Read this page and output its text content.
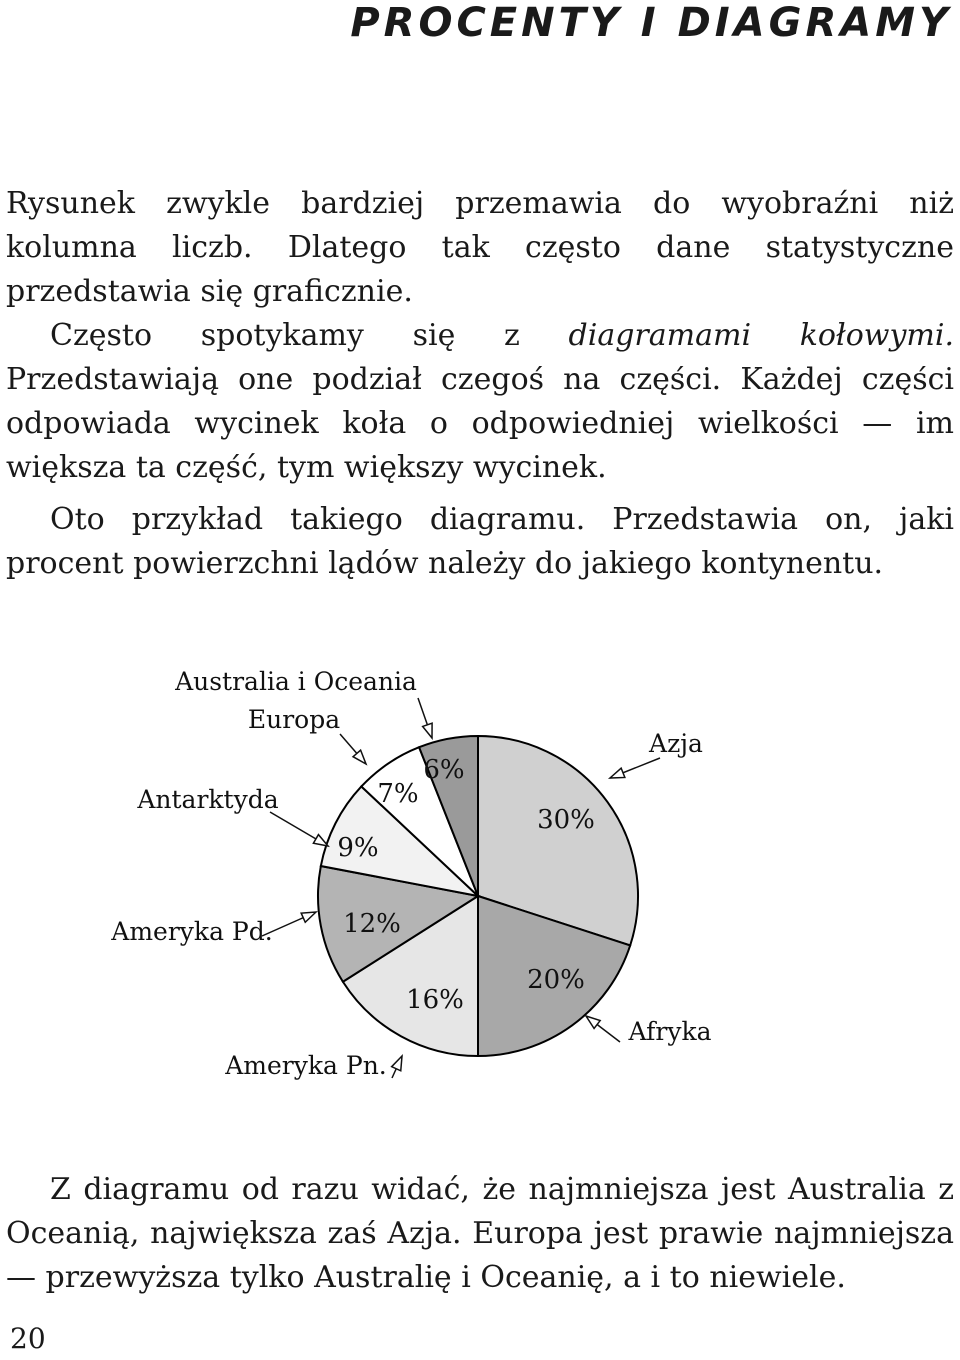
PROCENTY I DIAGRAMY

Rysunek zwykle bardziej przemawia do wyobraźni niż kolumna liczb. Dlatego tak często dane statystyczne przedstawia się graficznie.

Często spotykamy się z diagramami kołowymi. Przedstawiają one podział czegoś na części. Każdej części odpowiada wycinek koła o odpowiedniej wielkości — im większa ta część, tym większy wycinek.

Oto przykład takiego diagramu. Przedstawia on, jaki procent powierzchni lądów należy do jakiego kontynentu.

30%
20%
16%
12%
9%
7%
6%
Azja
Afryka
Ameryka Pn.
Ameryka Pd.
Antarktyda
Europa
Australia i Oceania

Z diagramu od razu widać, że najmniejsza jest Australia z Oceanią, największa zaś Azja. Europa jest prawie najmniejsza — przewyższa tylko Australię i Oceanię, a i to niewiele.

20
